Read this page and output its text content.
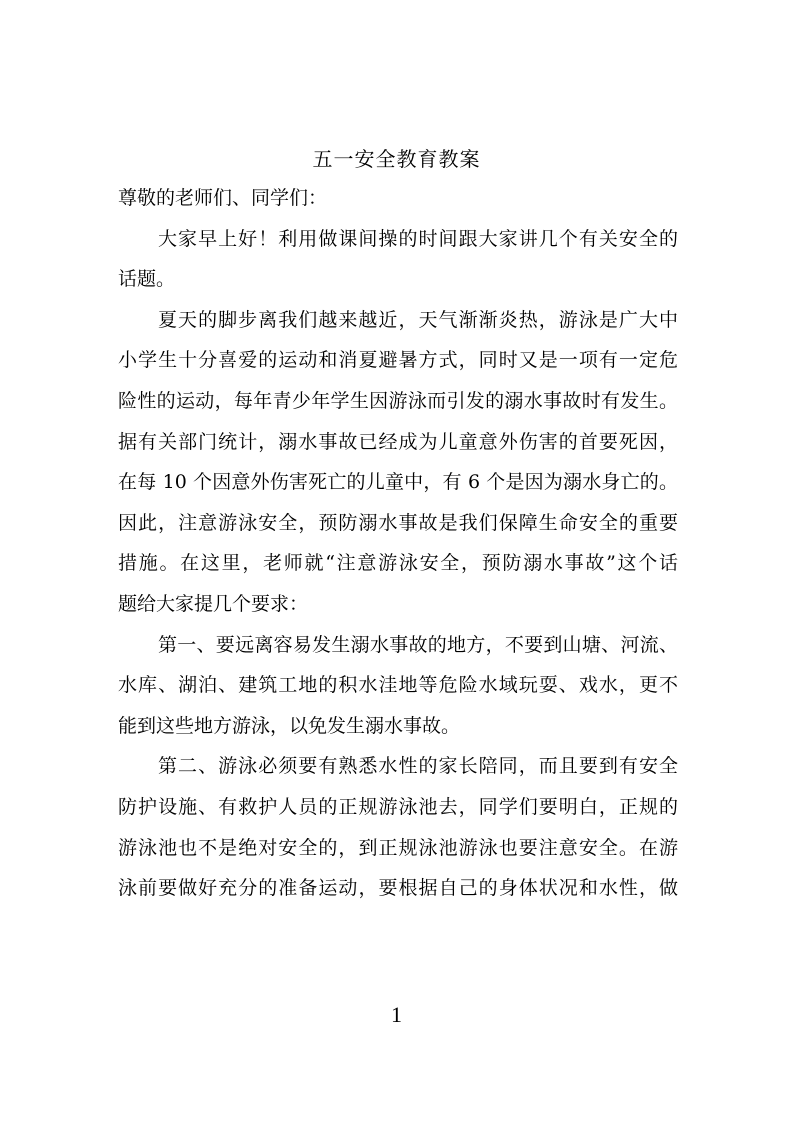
五一安全教育教案
尊敬的老师们、同学们：
大家早上好！利用做课间操的时间跟大家讲几个有关安全的
话题。
夏天的脚步离我们越来越近，天气渐渐炎热，游泳是广大中
小学生十分喜爱的运动和消夏避暑方式，同时又是一项有一定危
险性的运动，每年青少年学生因游泳而引发的溺水事故时有发生。
据有关部门统计，溺水事故已经成为儿童意外伤害的首要死因，
在每 10 个因意外伤害死亡的儿童中，有 6 个是因为溺水身亡的。
因此，注意游泳安全，预防溺水事故是我们保障生命安全的重要
措施。在这里，老师就“注意游泳安全，预防溺水事故”这个话
题给大家提几个要求：
第一、要远离容易发生溺水事故的地方，不要到山塘、河流、
水库、湖泊、建筑工地的积水洼地等危险水域玩耍、戏水，更不
能到这些地方游泳，以免发生溺水事故。
第二、游泳必须要有熟悉水性的家长陪同，而且要到有安全
防护设施、有救护人员的正规游泳池去，同学们要明白，正规的
游泳池也不是绝对安全的，到正规泳池游泳也要注意安全。在游
泳前要做好充分的准备运动，要根据自己的身体状况和水性，做
1
